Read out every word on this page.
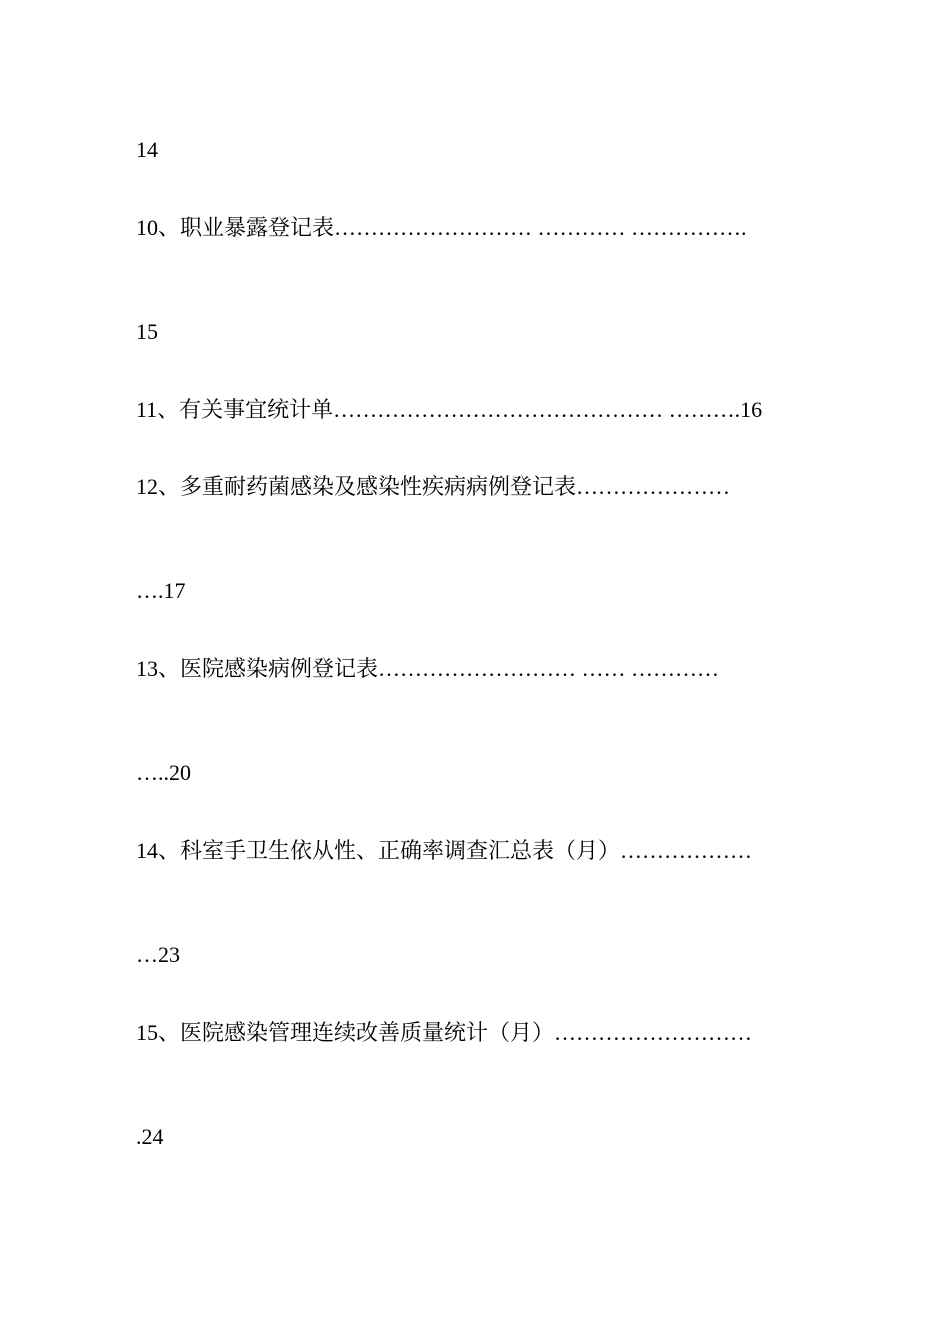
14

10、职业暴露登记表……………………… ………… …………….

15

11、有关事宜统计单……………………………………… ……….16

12、多重耐药菌感染及感染性疾病病例登记表…………………

….17

13、医院感染病例登记表……………………… …… …………

…..20

14、科室手卫生依从性、正确率调查汇总表（月）………………

…23

15、医院感染管理连续改善质量统计（月）………………………

.24
